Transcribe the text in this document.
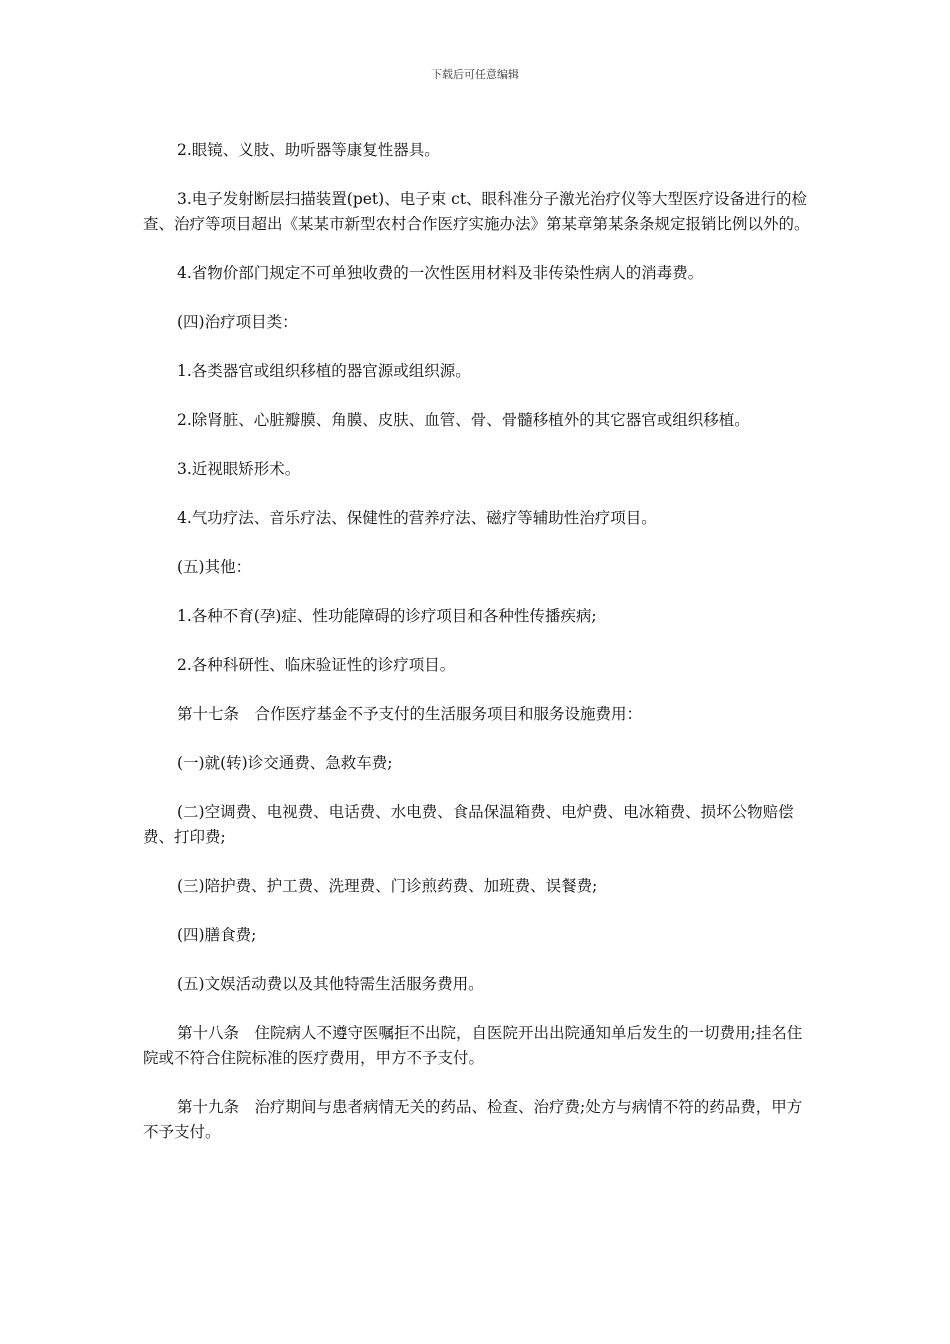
下载后可任意编辑

2.眼镜、义肢、助听器等康复性器具。

3.电子发射断层扫描装置(pet)、电子束 ct、眼科准分子激光治疗仪等大型医疗设备进行的检查、治疗等项目超出《某某市新型农村合作医疗实施办法》第某章第某条条规定报销比例以外的。

4.省物价部门规定不可单独收费的一次性医用材料及非传染性病人的消毒费。

(四)治疗项目类：

1.各类器官或组织移植的器官源或组织源。

2.除肾脏、心脏瓣膜、角膜、皮肤、血管、骨、骨髓移植外的其它器官或组织移植。

3.近视眼矫形术。

4.气功疗法、音乐疗法、保健性的营养疗法、磁疗等辅助性治疗项目。

(五)其他：

1.各种不育(孕)症、性功能障碍的诊疗项目和各种性传播疾病;

2.各种科研性、临床验证性的诊疗项目。

第十七条　合作医疗基金不予支付的生活服务项目和服务设施费用：

(一)就(转)诊交通费、急救车费;

(二)空调费、电视费、电话费、水电费、食品保温箱费、电炉费、电冰箱费、损坏公物赔偿费、打印费;

(三)陪护费、护工费、洗理费、门诊煎药费、加班费、误餐费;

(四)膳食费;

(五)文娱活动费以及其他特需生活服务费用。

第十八条　住院病人不遵守医嘱拒不出院，自医院开出出院通知单后发生的一切费用;挂名住院或不符合住院标准的医疗费用，甲方不予支付。

第十九条　治疗期间与患者病情无关的药品、检查、治疗费;处方与病情不符的药品费，甲方不予支付。
